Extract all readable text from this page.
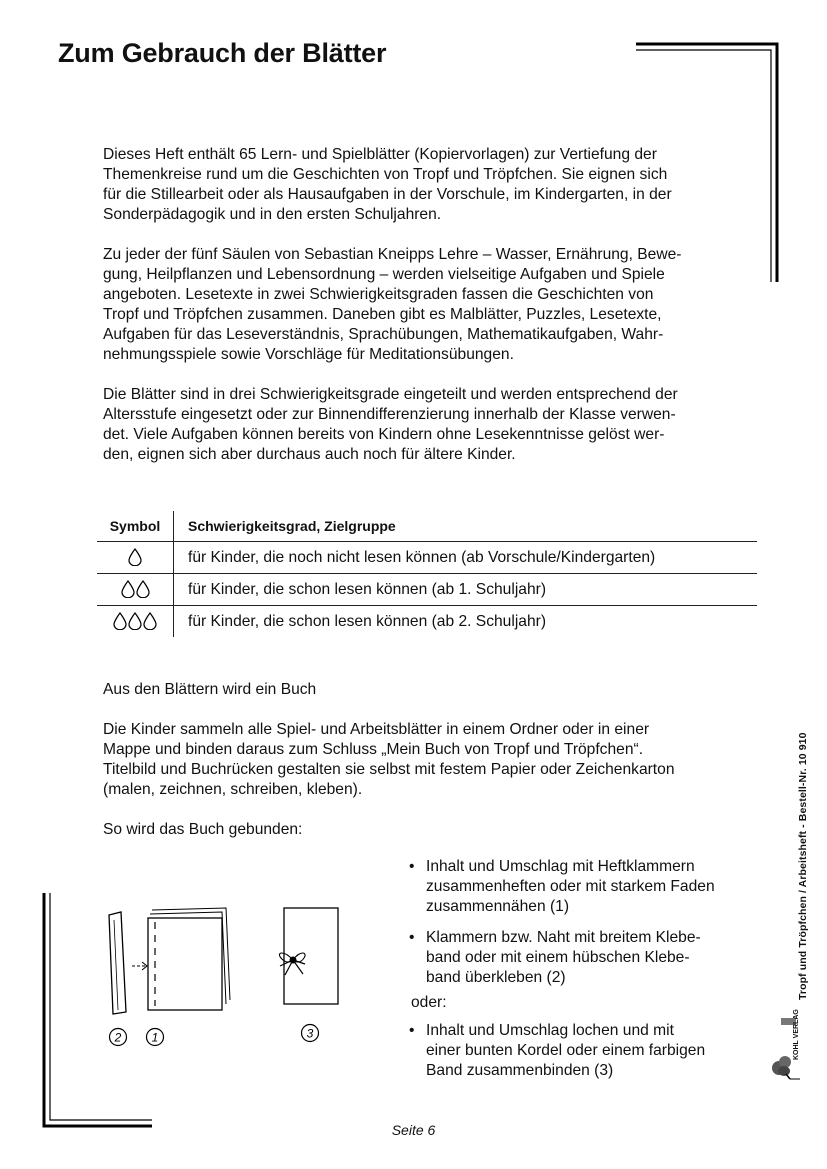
Zum Gebrauch der Blätter

Dieses Heft enthält 65 Lern- und Spielblätter (Kopiervorlagen) zur Vertiefung der
Themenkreise rund um die Geschichten von Tropf und Tröpfchen. Sie eignen sich
für die Stillearbeit oder als Hausaufgaben in der Vorschule, im Kindergarten, in der
Sonderpädagogik und in den ersten Schuljahren.

Zu jeder der fünf Säulen von Sebastian Kneipps Lehre – Wasser, Ernährung, Bewe-
gung, Heilpflanzen und Lebensordnung – werden vielseitige Aufgaben und Spiele
angeboten. Lesetexte in zwei Schwierigkeitsgraden fassen die Geschichten von
Tropf und Tröpfchen zusammen. Daneben gibt es Malblätter, Puzzles, Lesetexte,
Aufgaben für das Leseverständnis, Sprachübungen, Mathematikaufgaben, Wahr-
nehmungsspiele sowie Vorschläge für Meditationsübungen.

Die Blätter sind in drei Schwierigkeitsgrade eingeteilt und werden entsprechend der
Altersstufe eingesetzt oder zur Binnendifferenzierung innerhalb der Klasse verwen-
det. Viele Aufgaben können bereits von Kindern ohne Lesekenntnisse gelöst wer-
den, eignen sich aber durchaus auch noch für ältere Kinder.

Symbol	Schwierigkeitsgrad, Zielgruppe

	für Kinder, die noch nicht lesen können (ab Vorschule/Kindergarten)

	für Kinder, die schon lesen können (ab 1. Schuljahr)

	für Kinder, die schon lesen können (ab 2. Schuljahr)

Aus den Blättern wird ein Buch

Die Kinder sammeln alle Spiel- und Arbeitsblätter in einem Ordner oder in einer
Mappe und binden daraus zum Schluss „Mein Buch von Tropf und Tröpfchen“.
Titelbild und Buchrücken gestalten sie selbst mit festem Papier oder Zeichenkarton
(malen, zeichnen, schreiben, kleben).

So wird das Buch gebunden:

2	1	3
• Inhalt und Umschlag mit Heftklammern
zusammenheften oder mit starkem Faden
zusammennähen (1)
• Klammern bzw. Naht mit breitem Klebe-
band oder mit einem hübschen Klebe-
band überkleben (2)
oder:
• Inhalt und Umschlag lochen und mit
einer bunten Kordel oder einem farbigen
Band zusammenbinden (3)
Tropf und Tröpfchen / Arbeitsheft - Bestell-Nr. 10 910
KOHL VERLAG
Seite 6
